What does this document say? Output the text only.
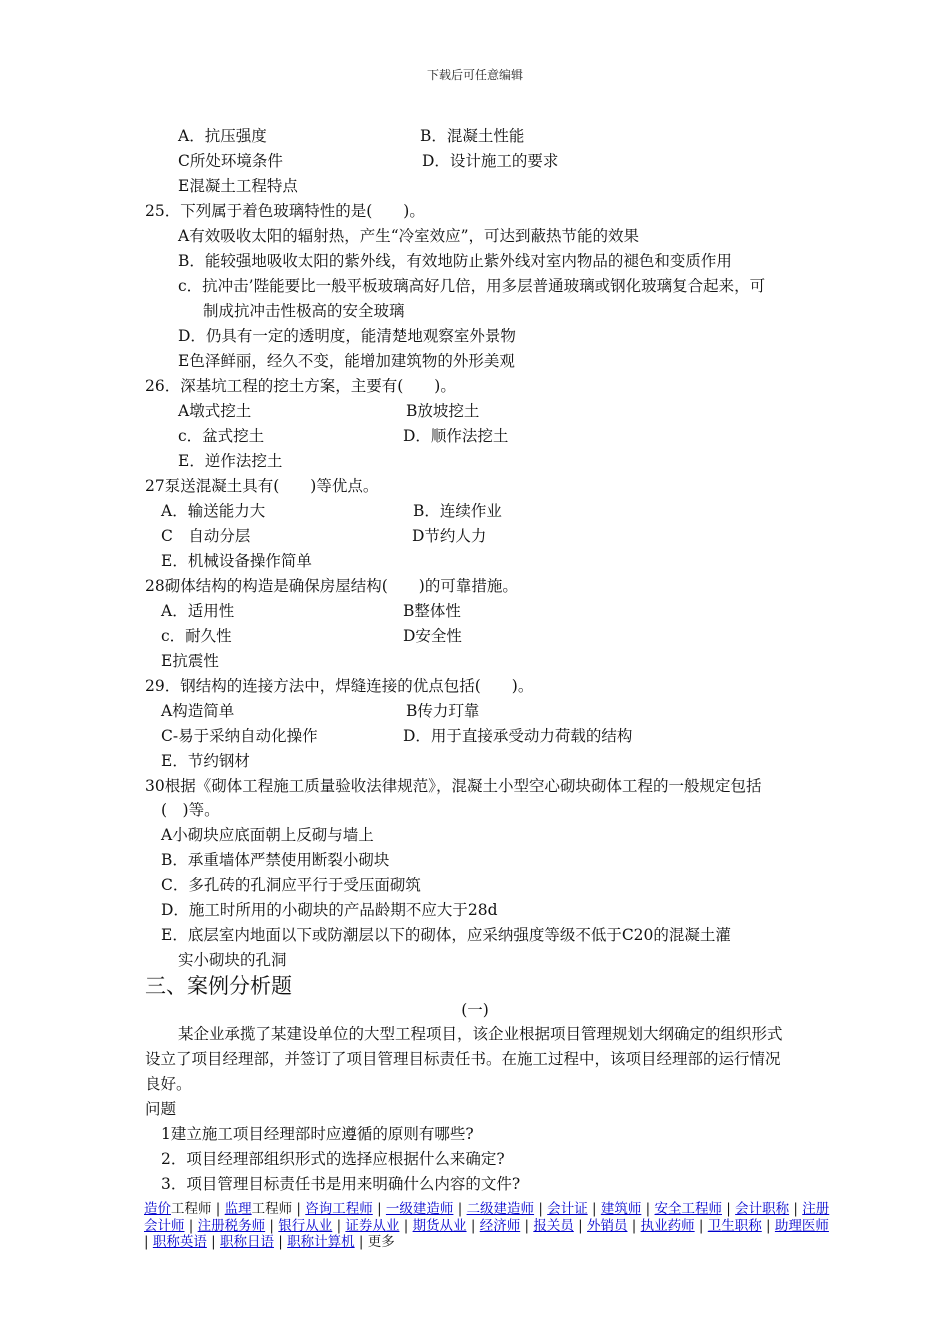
下载后可任意编辑
A．抗压强度	B．混凝土性能
C所处环境条件	D．设计施工的要求
E混凝土工程特点
25．下列属于着色玻璃特性的是(　　)。
A有效吸收太阳的辐射热，产生“冷室效应”，可达到蔽热节能的效果
B．能较强地吸收太阳的紫外线，有效地防止紫外线对室内物品的褪色和变质作用
c．抗冲击’陛能要比一般平板玻璃高好几倍，用多层普通玻璃或钢化玻璃复合起来，可
制成抗冲击性极高的安全玻璃
D．仍具有一定的透明度，能清楚地观察室外景物
E色泽鲜丽，经久不变，能增加建筑物的外形美观
26．深基坑工程的挖土方案，主要有(　　)。
A墩式挖土	B放坡挖土
c．盆式挖土	D．顺作法挖土
E．逆作法挖土
27泵送混凝土具有(　　)等优点。
A．输送能力大	B．连续作业
C　自动分层	D节约人力
E．机械设备操作简单
28砌体结构的构造是确保房屋结构(　　)的可靠措施。
A．适用性	B整体性
c．耐久性	D安全性
E抗震性
29．钢结构的连接方法中，焊缝连接的优点包括(　　)。
A构造简单	B传力玎靠
C-易于采纳自动化操作	D．用于直接承受动力荷载的结构
E．节约钢材
30根据《砌体工程施工质量验收法律规范》，混凝土小型空心砌块砌体工程的一般规定包括
(　)等。
A小砌块应底面朝上反砌与墙上
B．承重墙体严禁使用断裂小砌块
C．多孔砖的孔洞应平行于受压面砌筑
D．施工时所用的小砌块的产品龄期不应大于28d
E．底层室内地面以下或防潮层以下的砌体，应采纳强度等级不低于C20的混凝土灌
实小砌块的孔洞
某企业承揽了某建设单位的大型工程项目，该企业根据项目管理规划大纲确定的组织形式
设立了项目经理部，并签订了项目管理目标责任书。在施工过程中，该项目经理部的运行情况
良好。
问题
1建立施工项目经理部时应遵循的原则有哪些?
2．项目经理部组织形式的选择应根据什么来确定?
3．项目管理目标责任书是用来明确什么内容的文件?
三、案例分析题
(一)
造价工程师 | 监理工程师 | 咨询工程师 | 一级建造师 | 二级建造师 | 会计证 | 建筑师 | 安全工程师 | 会计职称 | 注册会计师 | 注册税务师 | 银行从业 | 证券从业 | 期货从业 | 经济师 | 报关员 | 外销员 | 执业药师 | 卫生职称 | 助理医师 | 职称英语 | 职称日语 | 职称计算机 | 更多
